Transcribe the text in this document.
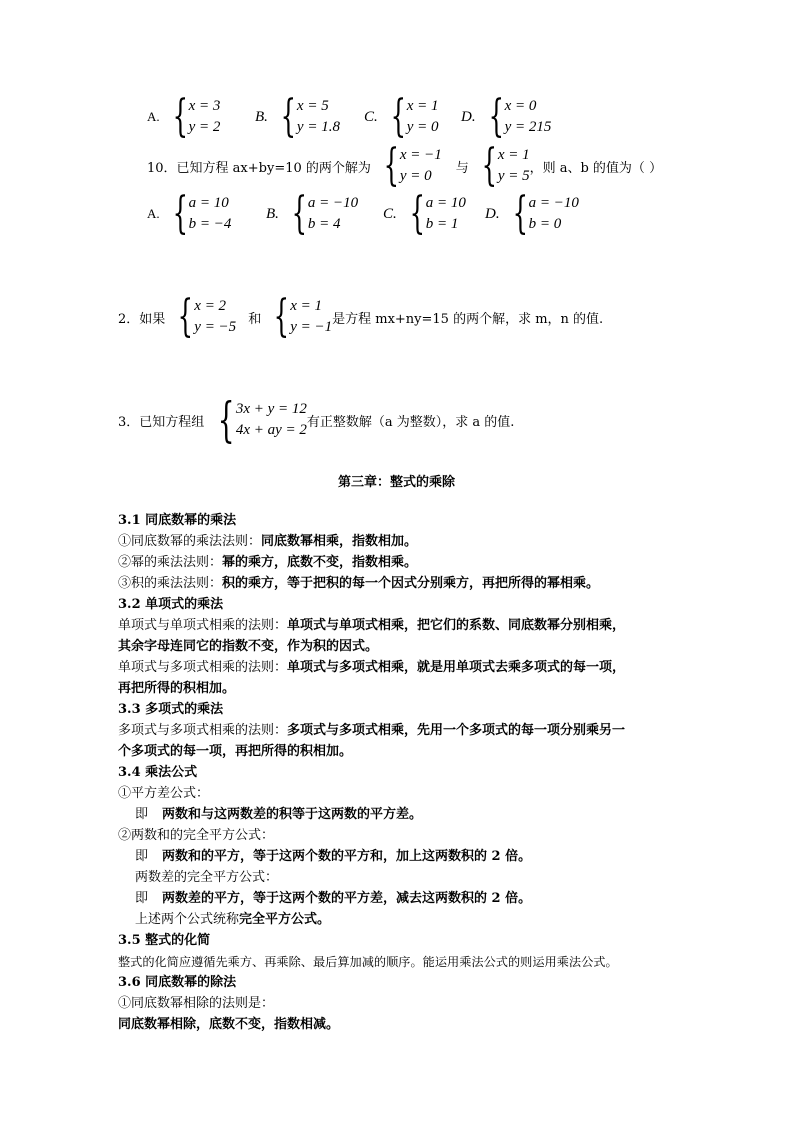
A. { x = 3
y = 2
B. { x = 5
y = 1.8
C. { x = 1
y = 0
D. { x = 0
y = 215
10．已知方程 ax+by=10 的两个解为 { x = −1
y = 0	与 { x = 1
y = 5 ，则 a、b 的值为（ ）
A. { a = 10
b = −4
B. { a = −10
b = 4
C. { a = 10
b = 1
D. { a = −10
b = 0
2．如果 { x = 2
y = −5 和 { x = 1
y = −1 是方程 mx+ny=15 的两个解，求 m，n 的值.
3．已知方程组 { 3x + y = 12
4x + ay = 2 有正整数解（a 为整数），求 a 的值.
第三章：整式的乘除
3.1 同底数幂的乘法
①同底数幂的乘法法则：同底数幂相乘，指数相加。
②幂的乘法法则：幂的乘方，底数不变，指数相乘。
③积的乘法法则：积的乘方，等于把积的每一个因式分别乘方，再把所得的幂相乘。
3.2 单项式的乘法
单项式与单项式相乘的法则：单项式与单项式相乘，把它们的系数、同底数幂分别相乘，
其余字母连同它的指数不变，作为积的因式。
单项式与多项式相乘的法则：单项式与多项式相乘，就是用单项式去乘多项式的每一项，
再把所得的积相加。
3.3 多项式的乘法
多项式与多项式相乘的法则：多项式与多项式相乘，先用一个多项式的每一项分别乘另一
个多项式的每一项，再把所得的积相加。
3.4 乘法公式
①平方差公式：
即 两数和与这两数差的积等于这两数的平方差。
②两数和的完全平方公式：
即 两数和的平方，等于这两个数的平方和，加上这两数积的 2 倍。
两数差的完全平方公式：
即 两数差的平方，等于这两个数的平方差，减去这两数积的 2 倍。
上述两个公式统称完全平方公式。
3.5 整式的化简
整式的化简应遵循先乘方、再乘除、最后算加减的顺序。能运用乘法公式的则运用乘法公式。
3.6 同底数幂的除法
①同底数幂相除的法则是：
同底数幂相除，底数不变，指数相减。
